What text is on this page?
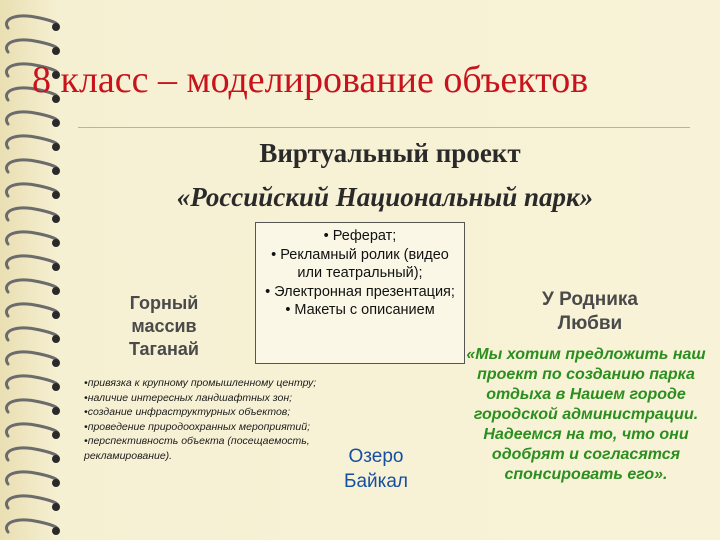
8 класс – моделирование объектов
Виртуальный проект
«Российский Национальный парк»
• Реферат;
• Рекламный ролик (видео или театральный);
• Электронная презентация;
• Макеты с описанием
Горный массив Таганай
• привязка к крупному промышленному центру;
• наличие интересных ландшафтных зон;
• создание инфраструктурных объектов;
• проведение природоохранных мероприятий;
• перспективность объекта (посещаемость, рекламирование).	Озеро Байкал
У Родника Любви
«Мы хотим предложить наш проект по созданию парка отдыха в Нашем городе городской администрации. Надеемся на то, что они одобрят и согласятся спонсировать его».
